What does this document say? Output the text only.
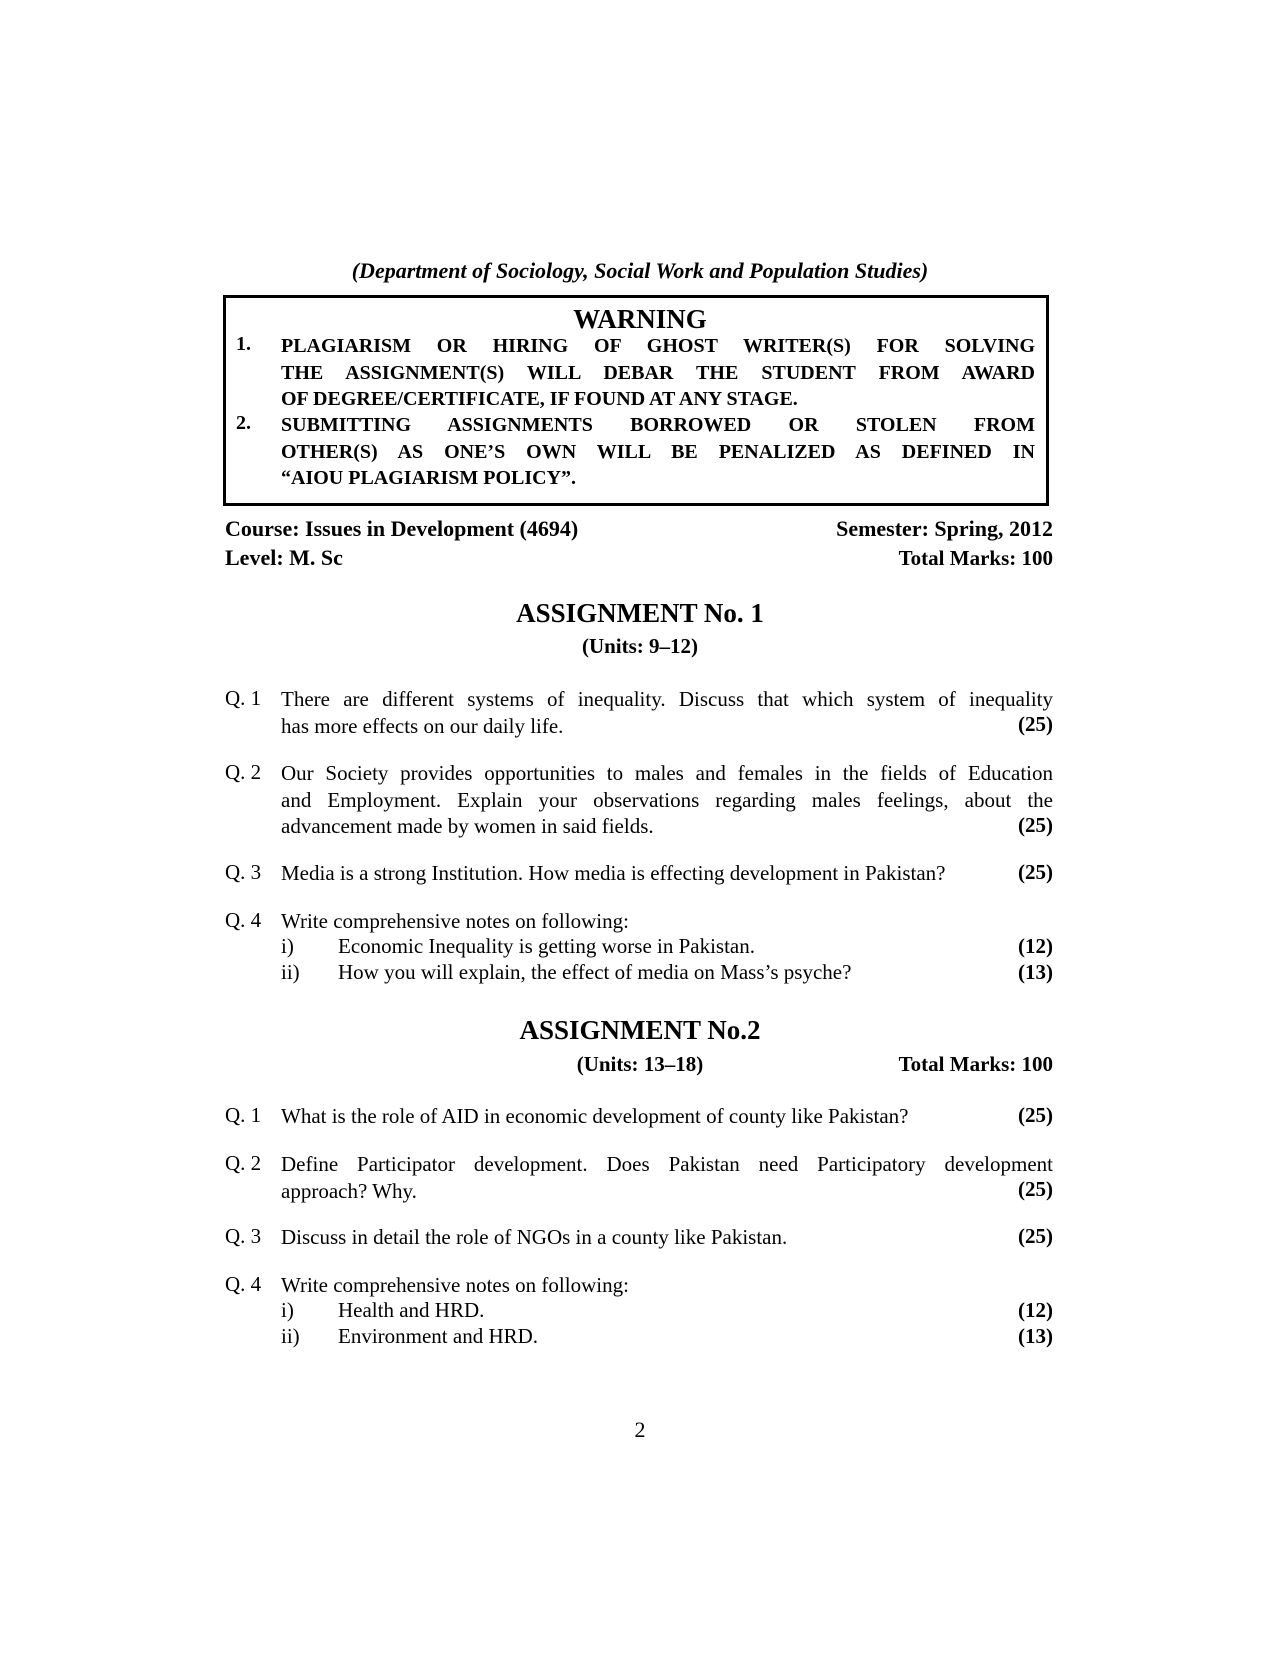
(Department of Sociology, Social Work and Population Studies)
WARNING
1. PLAGIARISM OR HIRING OF GHOST WRITER(S) FOR SOLVING
THE ASSIGNMENT(S) WILL DEBAR THE STUDENT FROM AWARD
OF DEGREE/CERTIFICATE, IF FOUND AT ANY STAGE.
2. SUBMITTING ASSIGNMENTS BORROWED OR STOLEN FROM
OTHER(S) AS ONE’S OWN WILL BE PENALIZED AS DEFINED IN
“AIOU PLAGIARISM POLICY”.
Course: Issues in Development (4694)	Semester: Spring, 2012
Level: M. Sc	Total Marks: 100
ASSIGNMENT No. 1
(Units: 9–12)
Q. 1 There are different systems of inequality. Discuss that which system of inequality
has more effects on our daily life.	(25)
Q. 2 Our Society provides opportunities to males and females in the fields of Education
and Employment. Explain your observations regarding males feelings, about the
advancement made by women in said fields.	(25)
Q. 3 Media is a strong Institution. How media is effecting development in Pakistan?	(25)
Q. 4 Write comprehensive notes on following:
i) Economic Inequality is getting worse in Pakistan.	(12)
ii) How you will explain, the effect of media on Mass’s psyche?	(13)
ASSIGNMENT No.2
(Units: 13–18)	Total Marks: 100
Q. 1 What is the role of AID in economic development of county like Pakistan?	(25)
Q. 2 Define Participator development. Does Pakistan need Participatory development
approach? Why.	(25)
Q. 3 Discuss in detail the role of NGOs in a county like Pakistan.	(25)
Q. 4 Write comprehensive notes on following:
i) Health and HRD.	(12)
ii) Environment and HRD.	(13)
2
